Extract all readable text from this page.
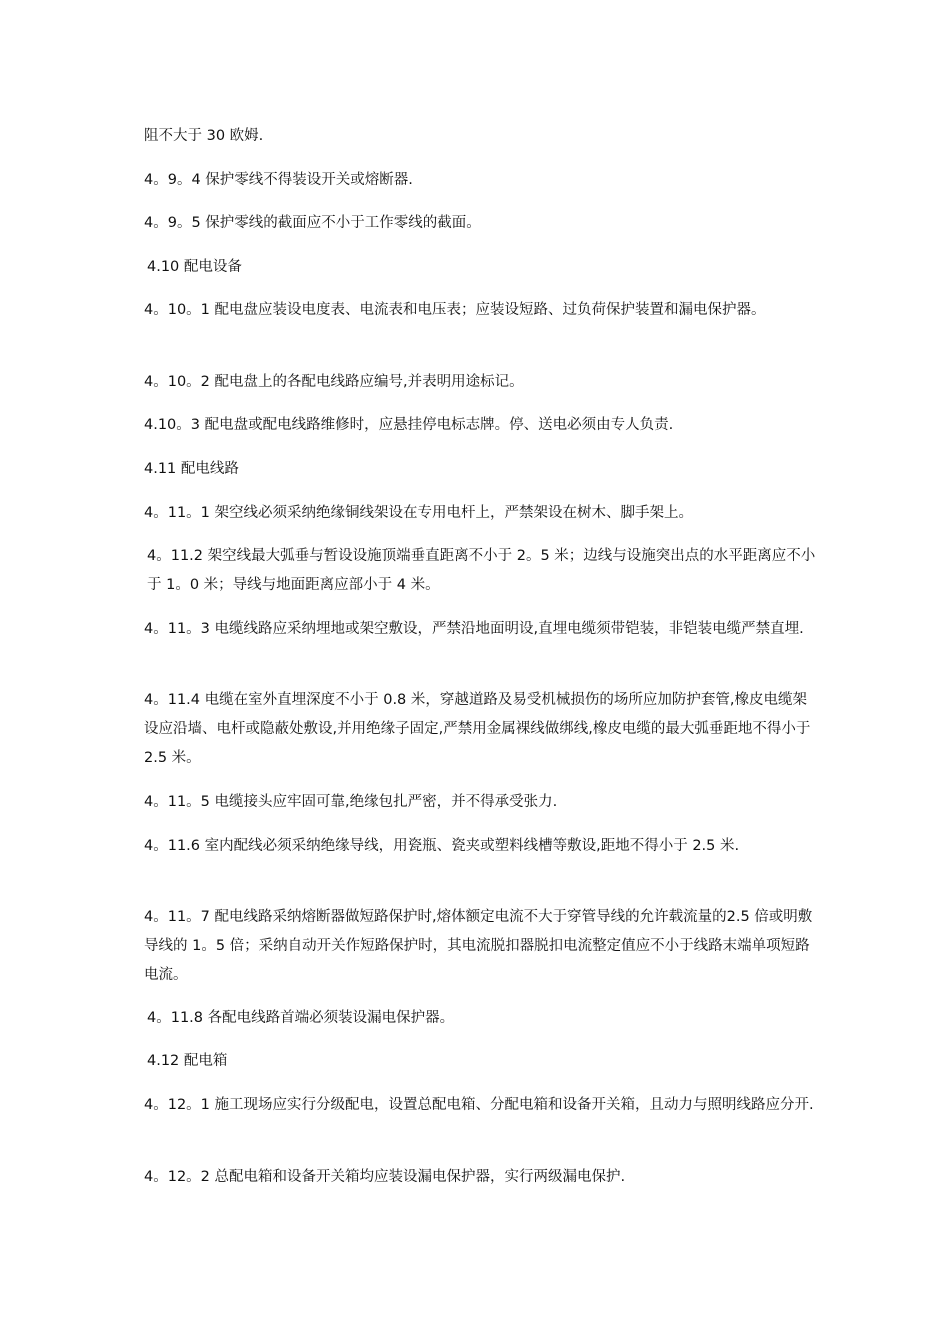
阻不大于 30 欧姆.

4。9。4 保护零线不得装设开关或熔断器.

4。9。5 保护零线的截面应不小于工作零线的截面。

4.10 配电设备

4。10。1 配电盘应装设电度表、电流表和电压表；应装设短路、过负荷保护装置和漏电保护器。

4。10。2 配电盘上的各配电线路应编号,并表明用途标记。

4.10。3 配电盘或配电线路维修时，应悬挂停电标志牌。停、送电必须由专人负责.

4.11 配电线路

4。11。1 架空线必须采纳绝缘铜线架设在专用电杆上，严禁架设在树木、脚手架上。

4。11.2 架空线最大弧垂与暂设设施顶端垂直距离不小于 2。5 米；边线与设施突出点的水平距离应不小于 1。0 米；导线与地面距离应部小于 4 米。

4。11。3 电缆线路应采纳埋地或架空敷设，严禁沿地面明设,直埋电缆须带铠装，非铠装电缆严禁直埋.

4。11.4 电缆在室外直埋深度不小于 0.8 米，穿越道路及易受机械损伤的场所应加防护套管,橡皮电缆架设应沿墙、电杆或隐蔽处敷设,并用绝缘子固定,严禁用金属裸线做绑线,橡皮电缆的最大弧垂距地不得小于 2.5 米。

4。11。5 电缆接头应牢固可靠,绝缘包扎严密，并不得承受张力.

4。11.6 室内配线必须采纳绝缘导线，用瓷瓶、瓷夹或塑料线槽等敷设,距地不得小于 2.5 米.

4。11。7 配电线路采纳熔断器做短路保护时,熔体额定电流不大于穿管导线的允许载流量的2.5 倍或明敷导线的 1。5 倍；采纳自动开关作短路保护时，其电流脱扣器脱扣电流整定值应不小于线路末端单项短路电流。

4。11.8 各配电线路首端必须装设漏电保护器。

4.12 配电箱

4。12。1 施工现场应实行分级配电，设置总配电箱、分配电箱和设备开关箱，且动力与照明线路应分开.

4。12。2 总配电箱和设备开关箱均应装设漏电保护器，实行两级漏电保护.
